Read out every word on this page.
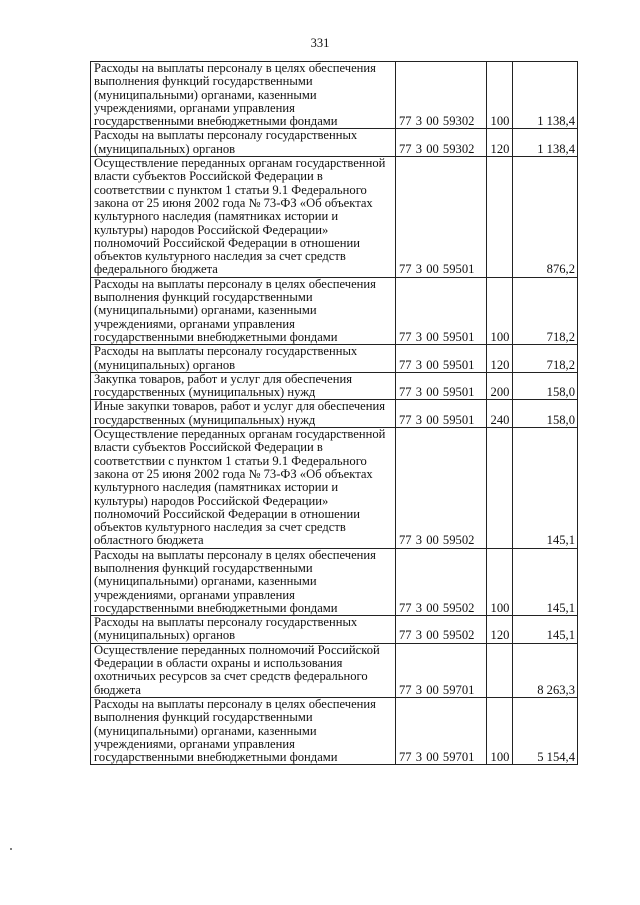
331
Расходы на выплаты персоналу в целях обеспечения выполнения функций государственными (муниципальными) органами, казенными учреждениями, органами управления государственными внебюджетными фондами	77 3 00 59302	100	1 138,4
Расходы на выплаты персоналу государственных (муниципальных) органов	77 3 00 59302	120	1 138,4
Осуществление переданных органам государственной власти субъектов Российской Федерации в соответствии с пунктом 1 статьи 9.1 Федерального закона от 25 июня 2002 года № 73-ФЗ «Об объектах культурного наследия (памятниках истории и культуры) народов Российской Федерации» полномочий Российской Федерации в отношении объектов культурного наследия за счет средств федерального бюджета	77 3 00 59501		876,2
Расходы на выплаты персоналу в целях обеспечения выполнения функций государственными (муниципальными) органами, казенными учреждениями, органами управления государственными внебюджетными фондами	77 3 00 59501	100	718,2
Расходы на выплаты персоналу государственных (муниципальных) органов	77 3 00 59501	120	718,2
Закупка товаров, работ и услуг для обеспечения государственных (муниципальных) нужд	77 3 00 59501	200	158,0
Иные закупки товаров, работ и услуг для обеспечения государственных (муниципальных) нужд	77 3 00 59501	240	158,0
Осуществление переданных органам государственной власти субъектов Российской Федерации в соответствии с пунктом 1 статьи 9.1 Федерального закона от 25 июня 2002 года № 73-ФЗ «Об объектах культурного наследия (памятниках истории и культуры) народов Российской Федерации» полномочий Российской Федерации в отношении объектов культурного наследия за счет средств областного бюджета	77 3 00 59502		145,1
Расходы на выплаты персоналу в целях обеспечения выполнения функций государственными (муниципальными) органами, казенными учреждениями, органами управления государственными внебюджетными фондами	77 3 00 59502	100	145,1
Расходы на выплаты персоналу государственных (муниципальных) органов	77 3 00 59502	120	145,1
Осуществление переданных полномочий Российской Федерации в области охраны и использования охотничьих ресурсов за счет средств федерального бюджета	77 3 00 59701		8 263,3
Расходы на выплаты персоналу в целях обеспечения выполнения функций государственными (муниципальными) органами, казенными учреждениями, органами управления государственными внебюджетными фондами	77 3 00 59701	100	5 154,4
